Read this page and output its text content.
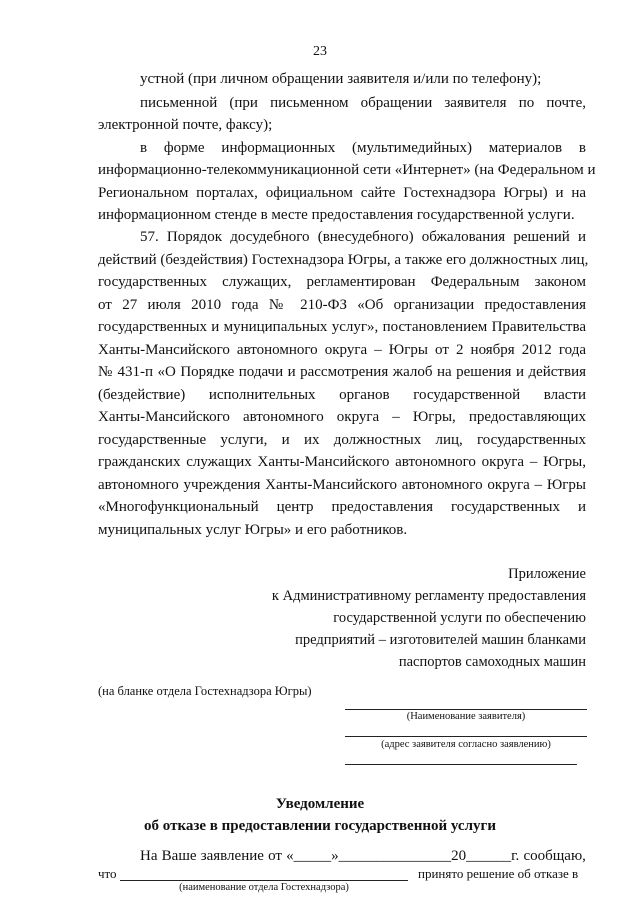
23
устной (при личном обращении заявителя и/или по телефону);
письменной (при письменном обращении заявителя по почте,
электронной почте, факсу);
в форме информационных (мультимедийных) материалов в
информационно-телекоммуникационной сети «Интернет» (на Федеральном и
Региональном порталах, официальном сайте Гостехнадзора Югры) и на
информационном стенде в месте предоставления государственной услуги.
57. Порядок досудебного (внесудебного) обжалования решений и
действий (бездействия) Гостехнадзора Югры, а также его должностных лиц,
государственных служащих, регламентирован Федеральным законом
от 27 июля 2010 года № 210-ФЗ «Об организации предоставления
государственных и муниципальных услуг», постановлением Правительства
Ханты-Мансийского автономного округа – Югры от 2 ноября 2012 года
№ 431-п «О Порядке подачи и рассмотрения жалоб на решения и действия
(бездействие) исполнительных органов государственной власти
Ханты-Мансийского автономного округа – Югры, предоставляющих
государственные услуги, и их должностных лиц, государственных
гражданских служащих Ханты-Мансийского автономного округа – Югры,
автономного учреждения Ханты-Мансийского автономного округа – Югры
«Многофункциональный центр предоставления государственных и
муниципальных услуг Югры» и его работников.
Приложение
к Административному регламенту предоставления
государственной услуги по обеспечению
предприятий – изготовителей машин бланками
паспортов самоходных машин
(на бланке отдела Гостехнадзора Югры)
(Наименование заявителя)
(адрес заявителя согласно заявлению)
Уведомление
об отказе в предоставлении государственной услуги
На Ваше заявление от «_____»_______________20______г. сообщаю,
что	принято решение об отказе в
(наименование отдела Гостехнадзора)
